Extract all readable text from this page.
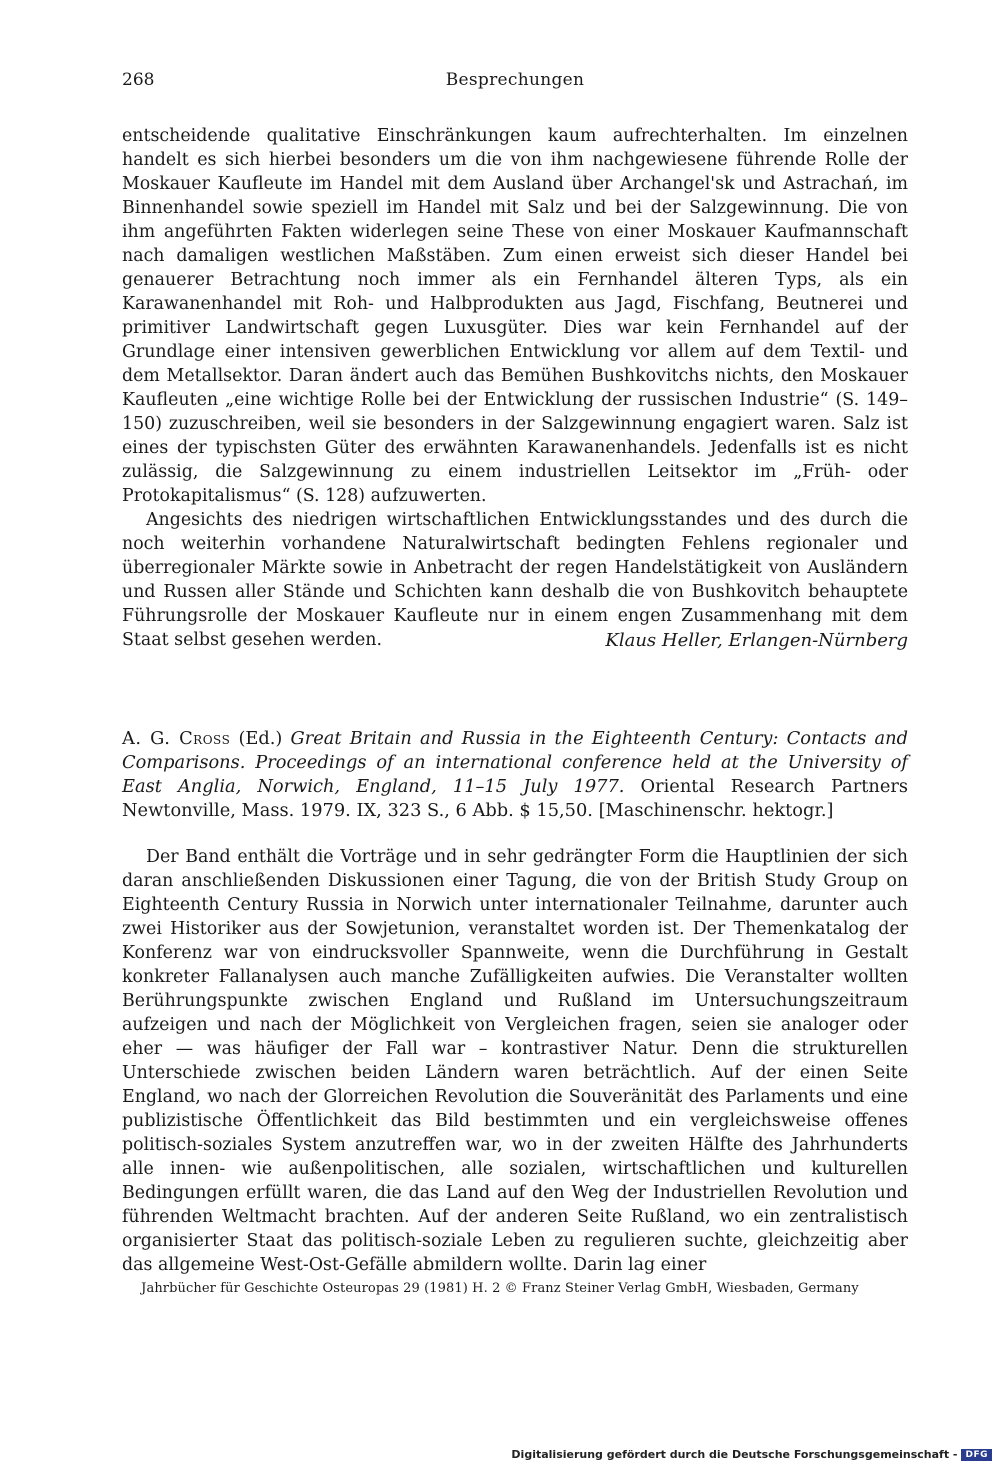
268	Besprechungen

entscheidende qualitative Einschränkungen kaum aufrechterhalten. Im einzelnen handelt es sich hierbei besonders um die von ihm nachgewiesene führende Rolle der Moskauer Kaufleute im Handel mit dem Ausland über Archangel'sk und Astrachań, im Binnenhandel sowie speziell im Handel mit Salz und bei der Salzgewinnung. Die von ihm angeführten Fakten widerlegen seine These von einer Moskauer Kaufmannschaft nach damaligen westlichen Maßstäben. Zum einen erweist sich dieser Handel bei genauerer Betrachtung noch immer als ein Fernhandel älteren Typs, als ein Karawanenhandel mit Roh- und Halbprodukten aus Jagd, Fischfang, Beutnerei und primitiver Landwirtschaft gegen Luxusgüter. Dies war kein Fernhandel auf der Grundlage einer intensiven gewerblichen Entwicklung vor allem auf dem Textil- und dem Metallsektor. Daran ändert auch das Bemühen Bushkovitchs nichts, den Moskauer Kaufleuten „eine wichtige Rolle bei der Entwicklung der russischen Industrie“ (S. 149–150) zuzuschreiben, weil sie besonders in der Salzgewinnung engagiert waren. Salz ist eines der typischsten Güter des erwähnten Karawanenhandels. Jedenfalls ist es nicht zulässig, die Salzgewinnung zu einem industriellen Leitsektor im „Früh- oder Protokapitalismus“ (S. 128) aufzuwerten.

Angesichts des niedrigen wirtschaftlichen Entwicklungsstandes und des durch die noch weiterhin vorhandene Naturalwirtschaft bedingten Fehlens regionaler und überregionaler Märkte sowie in Anbetracht der regen Handelstätigkeit von Ausländern und Russen aller Stände und Schichten kann deshalb die von Bushkovitch behauptete Führungsrolle der Moskauer Kaufleute nur in einem engen Zusammenhang mit dem Staat selbst gesehen werden.	Klaus Heller, Erlangen-Nürnberg
A. G. Cross (Ed.) Great Britain and Russia in the Eighteenth Century: Contacts and Comparisons. Proceedings of an international conference held at the University of East Anglia, Norwich, England, 11–15 July 1977. Oriental Research Partners Newtonville, Mass. 1979. IX, 323 S., 6 Abb. $ 15,50. [Maschinenschr. hektogr.]

Der Band enthält die Vorträge und in sehr gedrängter Form die Hauptlinien der sich daran anschließenden Diskussionen einer Tagung, die von der British Study Group on Eighteenth Century Russia in Norwich unter internationaler Teilnahme, darunter auch zwei Historiker aus der Sowjetunion, veranstaltet worden ist. Der Themenkatalog der Konferenz war von eindrucksvoller Spannweite, wenn die Durchführung in Gestalt konkreter Fallanalysen auch manche Zufälligkeiten aufwies. Die Veranstalter wollten Berührungspunkte zwischen England und Rußland im Untersuchungszeitraum aufzeigen und nach der Möglichkeit von Vergleichen fragen, seien sie analoger oder eher — was häufiger der Fall war – kontrastiver Natur. Denn die strukturellen Unterschiede zwischen beiden Ländern waren beträchtlich. Auf der einen Seite England, wo nach der Glorreichen Revolution die Souveränität des Parlaments und eine publizistische Öffentlichkeit das Bild bestimmten und ein vergleichsweise offenes politisch-soziales System anzutreffen war, wo in der zweiten Hälfte des Jahrhunderts alle innen- wie außenpolitischen, alle sozialen, wirtschaftlichen und kulturellen Bedingungen erfüllt waren, die das Land auf den Weg der Industriellen Revolution und führenden Weltmacht brachten. Auf der anderen Seite Rußland, wo ein zentralistisch organisierter Staat das politisch-soziale Leben zu regulieren suchte, gleichzeitig aber das allgemeine West-Ost-Gefälle abmildern wollte. Darin lag einer

Jahrbücher für Geschichte Osteuropas 29 (1981) H. 2 © Franz Steiner Verlag GmbH, Wiesbaden, Germany
Digitalisierung gefördert durch die Deutsche Forschungsgemeinschaft - DFG
